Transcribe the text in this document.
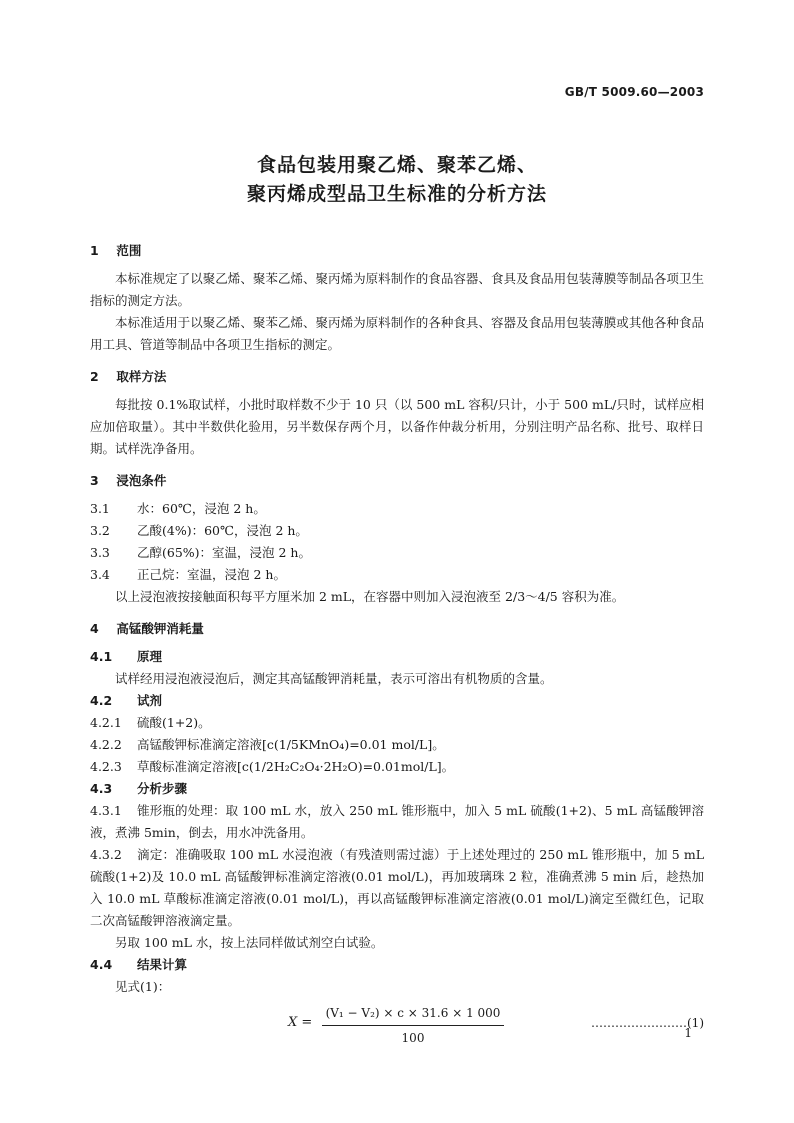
GB/T 5009.60—2003
食品包装用聚乙烯、聚苯乙烯、
聚丙烯成型品卫生标准的分析方法
1 范围

本标准规定了以聚乙烯、聚苯乙烯、聚丙烯为原料制作的食品容器、食具及食品用包装薄膜等制品各项卫生指标的测定方法。

本标准适用于以聚乙烯、聚苯乙烯、聚丙烯为原料制作的各种食具、容器及食品用包装薄膜或其他各种食品用工具、管道等制品中各项卫生指标的测定。

2 取样方法

每批按 0.1%取试样，小批时取样数不少于 10 只（以 500 mL 容积/只计，小于 500 mL/只时，试样应相应加倍取量）。其中半数供化验用，另半数保存两个月，以备作仲裁分析用，分别注明产品名称、批号、取样日期。试样洗净备用。

3 浸泡条件
3.1 水：60℃，浸泡 2 h。
3.2 乙酸(4%)：60℃，浸泡 2 h。
3.3 乙醇(65%)：室温，浸泡 2 h。
3.4 正己烷：室温，浸泡 2 h。

以上浸泡液按接触面积每平方厘米加 2 mL，在容器中则加入浸泡液至 2/3～4/5 容积为准。

4 高锰酸钾消耗量
4.1 原理

试样经用浸泡液浸泡后，测定其高锰酸钾消耗量，表示可溶出有机物质的含量。

4.2 试剂
4.2.1 硫酸(1+2)。
4.2.2 高锰酸钾标准滴定溶液[c(1/5KMnO₄)=0.01 mol/L]。
4.2.3 草酸标准滴定溶液[c(1/2H₂C₂O₄·2H₂O)=0.01mol/L]。
4.3 分析步骤

4.3.1 锥形瓶的处理：取 100 mL 水，放入 250 mL 锥形瓶中，加入 5 mL 硫酸(1+2)、5 mL 高锰酸钾溶液，煮沸 5min，倒去，用水冲洗备用。

4.3.2 滴定：准确吸取 100 mL 水浸泡液（有残渣则需过滤）于上述处理过的 250 mL 锥形瓶中，加 5 mL硫酸(1+2)及 10.0 mL 高锰酸钾标准滴定溶液(0.01 mol/L)，再加玻璃珠 2 粒，准确煮沸 5 min 后，趁热加入 10.0 mL 草酸标准滴定溶液(0.01 mol/L)，再以高锰酸钾标准滴定溶液(0.01 mol/L)滴定至微红色，记取二次高锰酸钾溶液滴定量。

另取 100 mL 水，按上法同样做试剂空白试验。

4.4 结果计算

见式(1)：

$X = \frac{\text{(V₁ − V₂) × c × 31.6 × 1 000}}{100}$	……………………(1)
1
